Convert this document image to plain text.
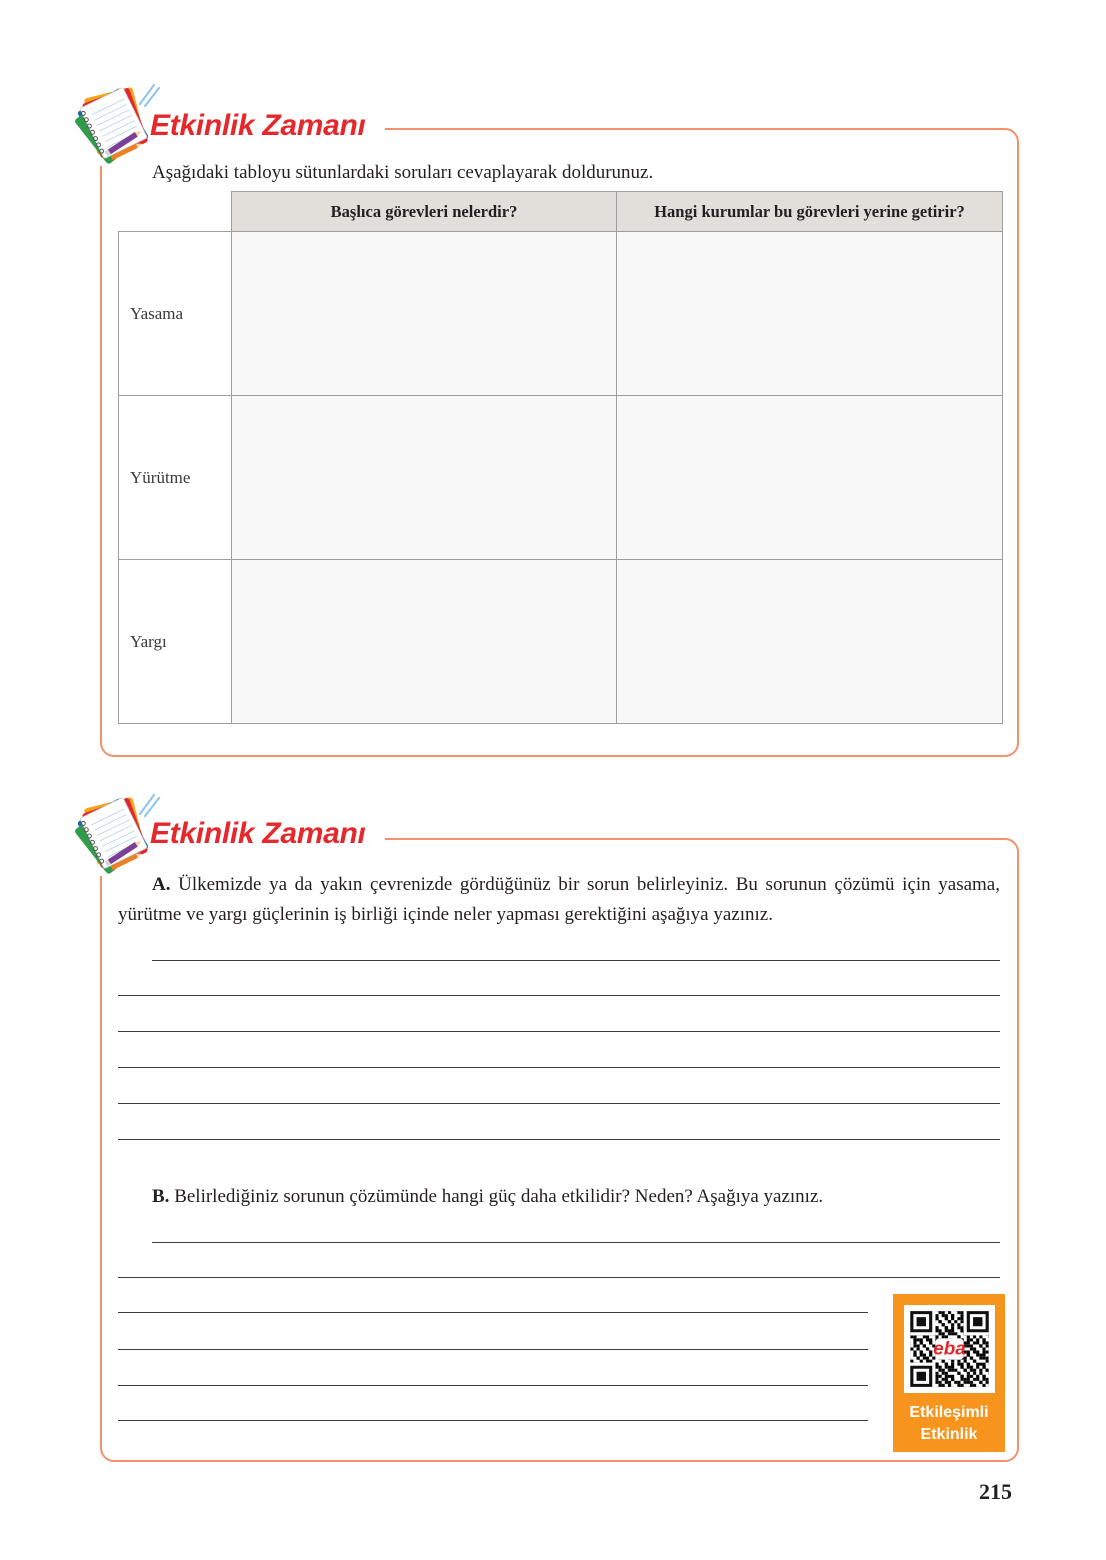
Etkinlik Zamanı
Aşağıdaki tabloyu sütunlardaki soruları cevaplayarak doldurunuz.
	Başlıca görevleri nelerdir?	Hangi kurumlar bu görevleri yerine getirir?
Yasama		
Yürütme		
Yargı		
Etkinlik Zamanı
A. Ülkemizde ya da yakın çevrenizde gördüğünüz bir sorun belirleyiniz. Bu sorunun çözümü için yasama,
yürütme ve yargı güçlerinin iş birliği içinde neler yapması gerektiğini aşağıya yazınız.
B. Belirlediğiniz sorunun çözümünde hangi güç daha etkilidir? Neden? Aşağıya yazınız.
eba
Etkileşimli
Etkinlik
215
